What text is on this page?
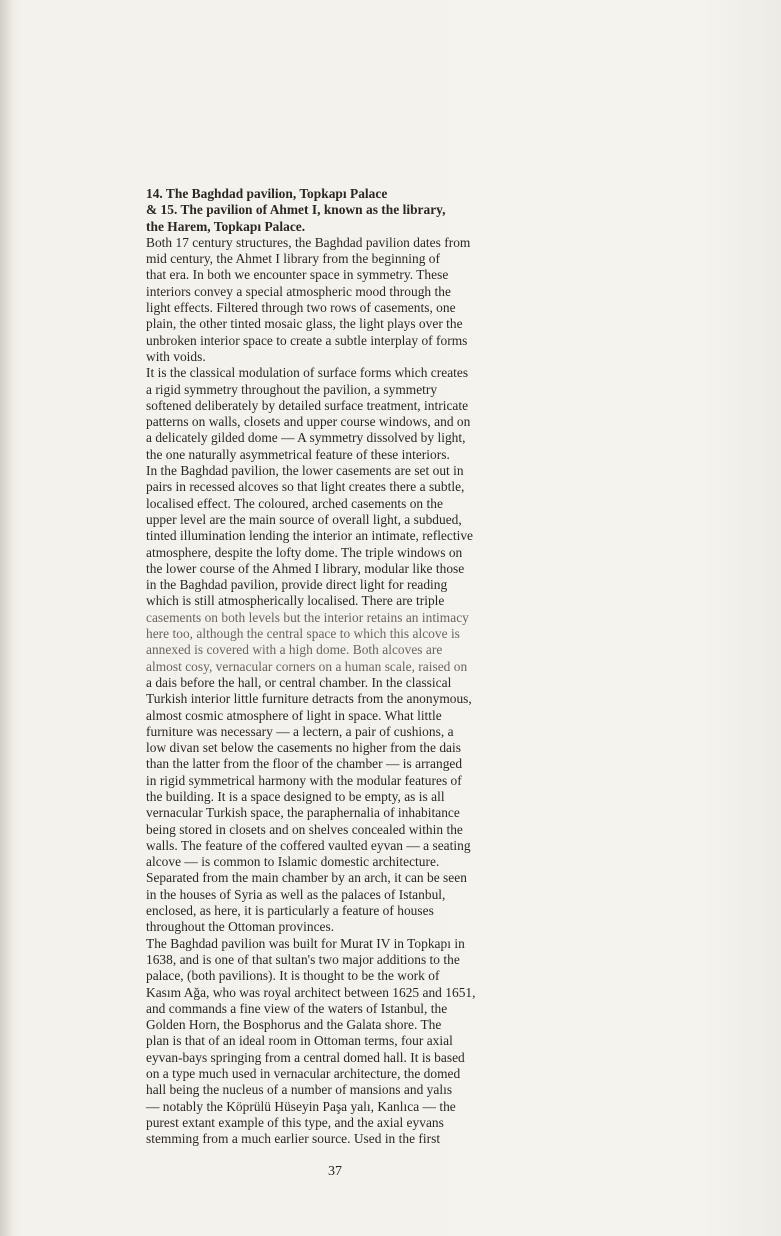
14. The Baghdad pavilion, Topkapı Palace
& 15. The pavilion of Ahmet I, known as the library,
the Harem, Topkapı Palace.
Both 17 century structures, the Baghdad pavilion dates from
mid century, the Ahmet I library from the beginning of
that era. In both we encounter space in symmetry. These
interiors convey a special atmospheric mood through the
light effects. Filtered through two rows of casements, one
plain, the other tinted mosaic glass, the light plays over the
unbroken interior space to create a subtle interplay of forms
with voids.
It is the classical modulation of surface forms which creates
a rigid symmetry throughout the pavilion, a symmetry
softened deliberately by detailed surface treatment, intricate
patterns on walls, closets and upper course windows, and on
a delicately gilded dome — A symmetry dissolved by light,
the one naturally asymmetrical feature of these interiors.
In the Baghdad pavilion, the lower casements are set out in
pairs in recessed alcoves so that light creates there a subtle,
localised effect. The coloured, arched casements on the
upper level are the main source of overall light, a subdued,
tinted illumination lending the interior an intimate, reflective
atmosphere, despite the lofty dome. The triple windows on
the lower course of the Ahmed I library, modular like those
in the Baghdad pavilion, provide direct light for reading
which is still atmospherically localised. There are triple
casements on both levels but the interior retains an intimacy
here too, although the central space to which this alcove is
annexed is covered with a high dome. Both alcoves are
almost cosy, vernacular corners on a human scale, raised on
a dais before the hall, or central chamber. In the classical
Turkish interior little furniture detracts from the anonymous,
almost cosmic atmosphere of light in space. What little
furniture was necessary — a lectern, a pair of cushions, a
low divan set below the casements no higher from the dais
than the latter from the floor of the chamber — is arranged
in rigid symmetrical harmony with the modular features of
the building. It is a space designed to be empty, as is all
vernacular Turkish space, the paraphernalia of inhabitance
being stored in closets and on shelves concealed within the
walls. The feature of the coffered vaulted eyvan — a seating
alcove — is common to Islamic domestic architecture.
Separated from the main chamber by an arch, it can be seen
in the houses of Syria as well as the palaces of Istanbul,
enclosed, as here, it is particularly a feature of houses
throughout the Ottoman provinces.
The Baghdad pavilion was built for Murat IV in Topkapı in
1638, and is one of that sultan's two major additions to the
palace, (both pavilions). It is thought to be the work of
Kasım Ağa, who was royal architect between 1625 and 1651,
and commands a fine view of the waters of Istanbul, the
Golden Horn, the Bosphorus and the Galata shore. The
plan is that of an ideal room in Ottoman terms, four axial
eyvan-bays springing from a central domed hall. It is based
on a type much used in vernacular architecture, the domed
hall being the nucleus of a number of mansions and yalıs
— notably the Köprülü Hüseyin Paşa yalı, Kanlıca — the
purest extant example of this type, and the axial eyvans
stemming from a much earlier source. Used in the first
37
